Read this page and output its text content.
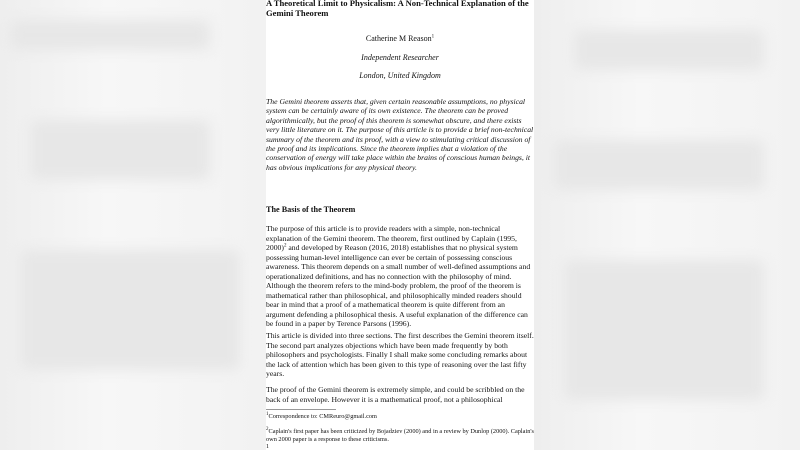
A Theoretical Limit to Physicalism: A Non-Technical Explanation of the Gemini Theorem
Catherine M Reason$^1$
Independent Researcher
London, United Kingdom
The Gemini theorem asserts that, given certain reasonable assumptions, no physical system can be certainly aware of its own existence. The theorem can be proved algorithmically, but the proof of this theorem is somewhat obscure, and there exists very little literature on it. The purpose of this article is to provide a brief non-technical summary of the theorem and its proof, with a view to stimulating critical discussion of the proof and its implications. Since the theorem implies that a violation of the conservation of energy will take place within the brains of conscious human beings, it has obvious implications for any physical theory.
The Basis of the Theorem
The purpose of this article is to provide readers with a simple, non-technical explanation of the Gemini theorem. The theorem, first outlined by Caplain (1995, 2000)$^2$ and developed by Reason (2016, 2018) establishes that no physical system possessing human-level intelligence can ever be certain of possessing conscious awareness. This theorem depends on a small number of well-defined assumptions and operationalized definitions, and has no connection with the philosophy of mind. Although the theorem refers to the mind-body problem, the proof of the theorem is mathematical rather than philosophical, and philosophically minded readers should bear in mind that a proof of a mathematical theorem is quite different from an argument defending a philosophical thesis. A useful explanation of the difference can be found in a paper by Terence Parsons (1996).
This article is divided into three sections. The first describes the Gemini theorem itself. The second part analyzes objections which have been made frequently by both philosophers and psychologists. Finally I shall make some concluding remarks about the lack of attention which has been given to this type of reasoning over the last fifty years.
The proof of the Gemini theorem is extremely simple, and could be scribbled on the back of an envelope. However it is a mathematical proof, not a philosophical
$^1$Correspondence to: CMReuro@gmail.com
$^2$Caplain's first paper has been criticized by Bojadziev (2000) and in a review by Dunlop (2000). Caplain's own 2000 paper is a response to these criticisms.
1
